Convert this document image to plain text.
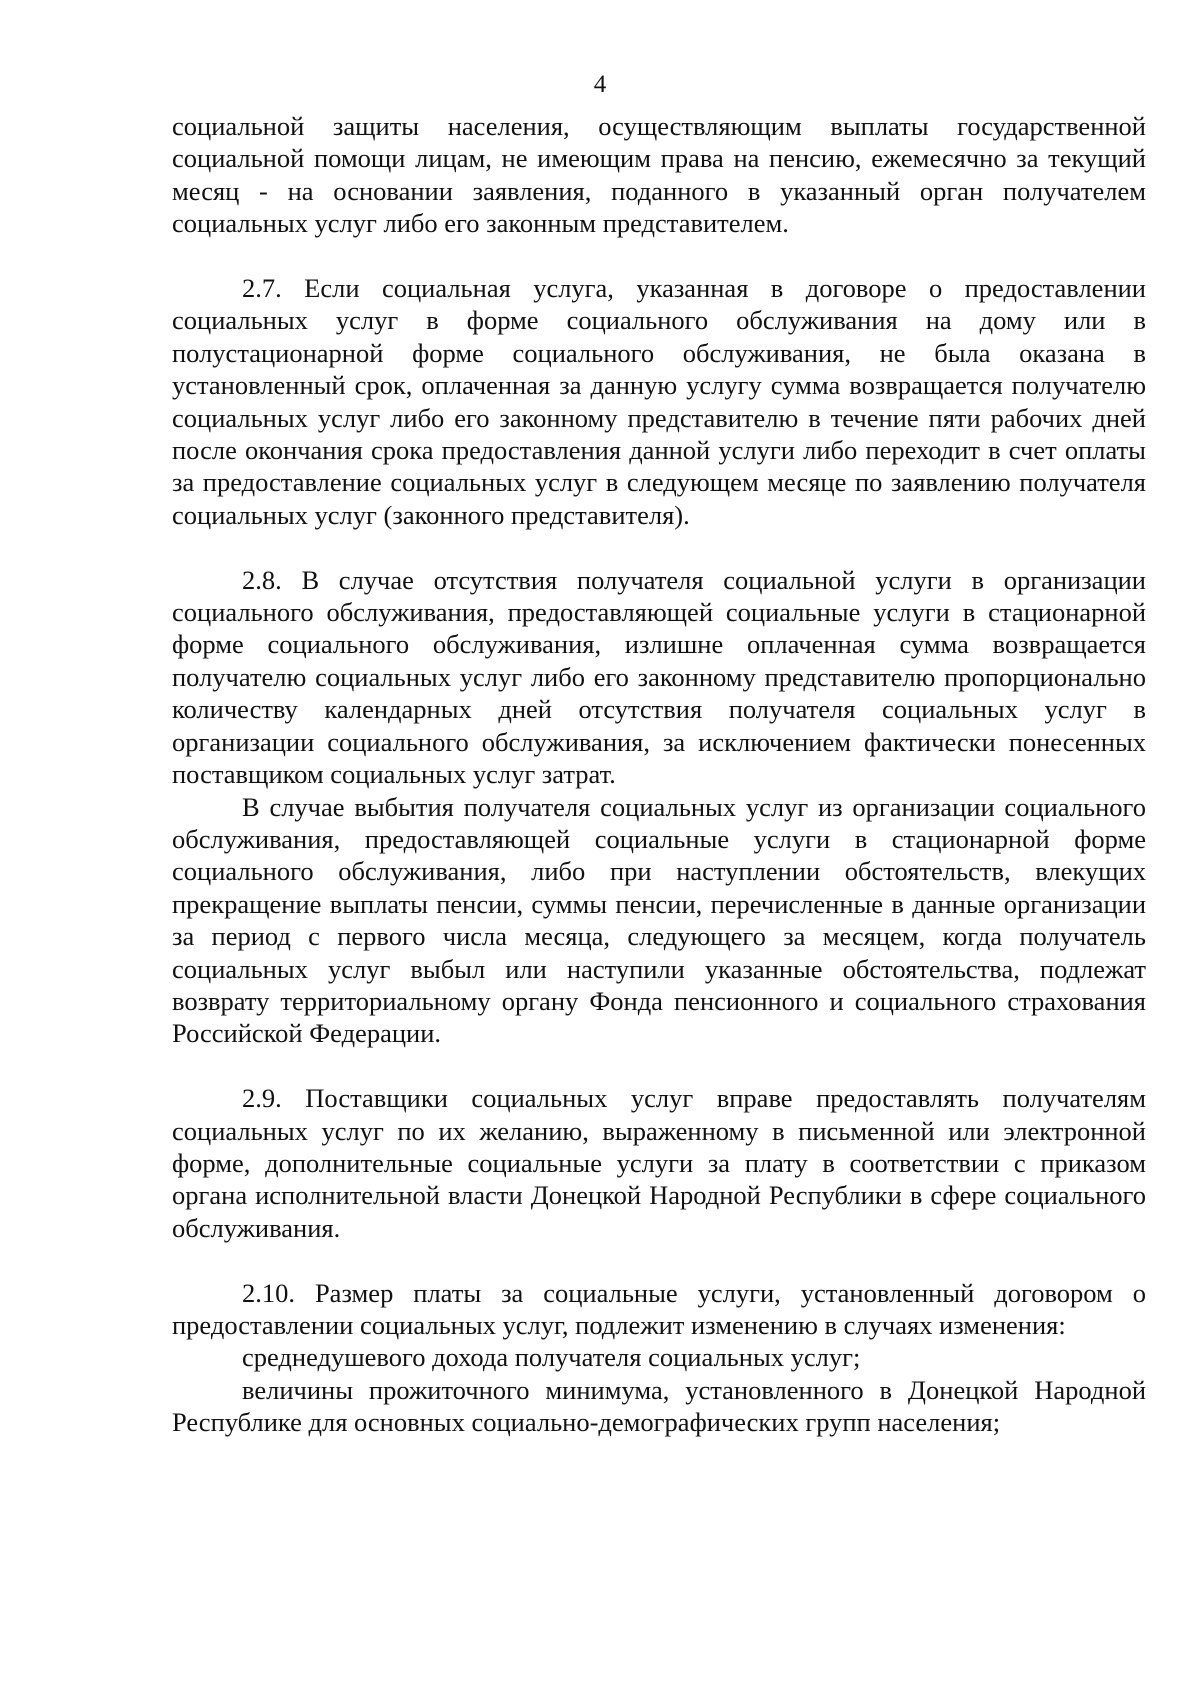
4

социальной защиты населения, осуществляющим выплаты государственной социальной помощи лицам, не имеющим права на пенсию, ежемесячно за текущий месяц - на основании заявления, поданного в указанный орган получателем социальных услуг либо его законным представителем.

2.7. Если социальная услуга, указанная в договоре о предоставлении социальных услуг в форме социального обслуживания на дому или в полустационарной форме социального обслуживания, не была оказана в установленный срок, оплаченная за данную услугу сумма возвращается получателю социальных услуг либо его законному представителю в течение пяти рабочих дней после окончания срока предоставления данной услуги либо переходит в счет оплаты за предоставление социальных услуг в следующем месяце по заявлению получателя социальных услуг (законного представителя).

2.8. В случае отсутствия получателя социальной услуги в организации социального обслуживания, предоставляющей социальные услуги в стационарной форме социального обслуживания, излишне оплаченная сумма возвращается получателю социальных услуг либо его законному представителю пропорционально количеству календарных дней отсутствия получателя социальных услуг в организации социального обслуживания, за исключением фактически понесенных поставщиком социальных услуг затрат.

В случае выбытия получателя социальных услуг из организации социального обслуживания, предоставляющей социальные услуги в стационарной форме социального обслуживания, либо при наступлении обстоятельств, влекущих прекращение выплаты пенсии, суммы пенсии, перечисленные в данные организации за период с первого числа месяца, следующего за месяцем, когда получатель социальных услуг выбыл или наступили указанные обстоятельства, подлежат возврату территориальному органу Фонда пенсионного и социального страхования Российской Федерации.

2.9. Поставщики социальных услуг вправе предоставлять получателям социальных услуг по их желанию, выраженному в письменной или электронной форме, дополнительные социальные услуги за плату в соответствии с приказом органа исполнительной власти Донецкой Народной Республики в сфере социального обслуживания.

2.10. Размер платы за социальные услуги, установленный договором о предоставлении социальных услуг, подлежит изменению в случаях изменения:

среднедушевого дохода получателя социальных услуг;

величины прожиточного минимума, установленного в Донецкой Народной Республике для основных социально-демографических групп населения;
